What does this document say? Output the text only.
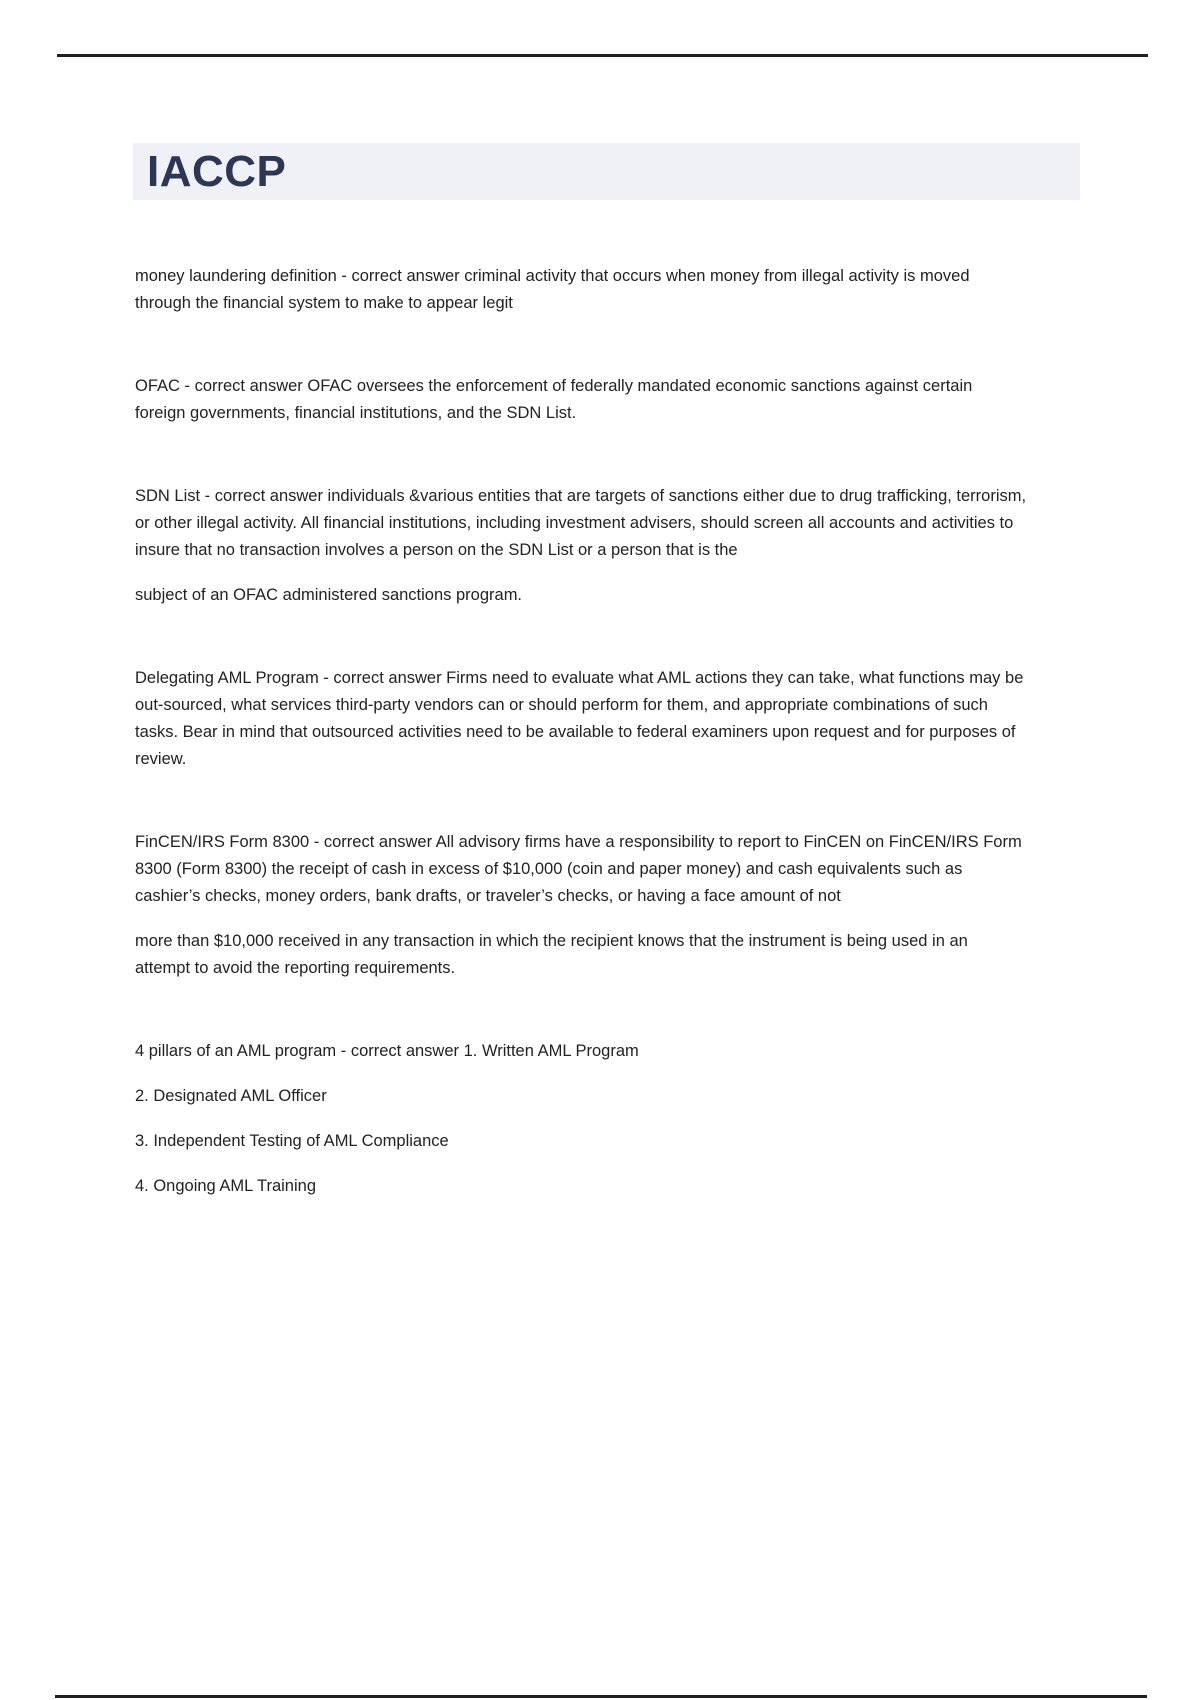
IACCP

money laundering definition - correct answer criminal activity that occurs when money from illegal activity is moved through the financial system to make to appear legit

OFAC - correct answer OFAC oversees the enforcement of federally mandated economic sanctions against certain foreign governments, financial institutions, and the SDN List.

SDN List - correct answer individuals &various entities that are targets of sanctions either due to drug trafficking, terrorism, or other illegal activity. All financial institutions, including investment advisers, should screen all accounts and activities to insure that no transaction involves a person on the SDN List or a person that is the

subject of an OFAC administered sanctions program.

Delegating AML Program - correct answer Firms need to evaluate what AML actions they can take, what functions may be out-sourced, what services third-party vendors can or should perform for them, and appropriate combinations of such tasks. Bear in mind that outsourced activities need to be available to federal examiners upon request and for purposes of review.

FinCEN/IRS Form 8300 - correct answer All advisory firms have a responsibility to report to FinCEN on FinCEN/IRS Form 8300 (Form 8300) the receipt of cash in excess of $10,000 (coin and paper money) and cash equivalents such as cashier’s checks, money orders, bank drafts, or traveler’s checks, or having a face amount of not

more than $10,000 received in any transaction in which the recipient knows that the instrument is being used in an attempt to avoid the reporting requirements.

4 pillars of an AML program - correct answer 1. Written AML Program

2. Designated AML Officer

3. Independent Testing of AML Compliance

4. Ongoing AML Training
